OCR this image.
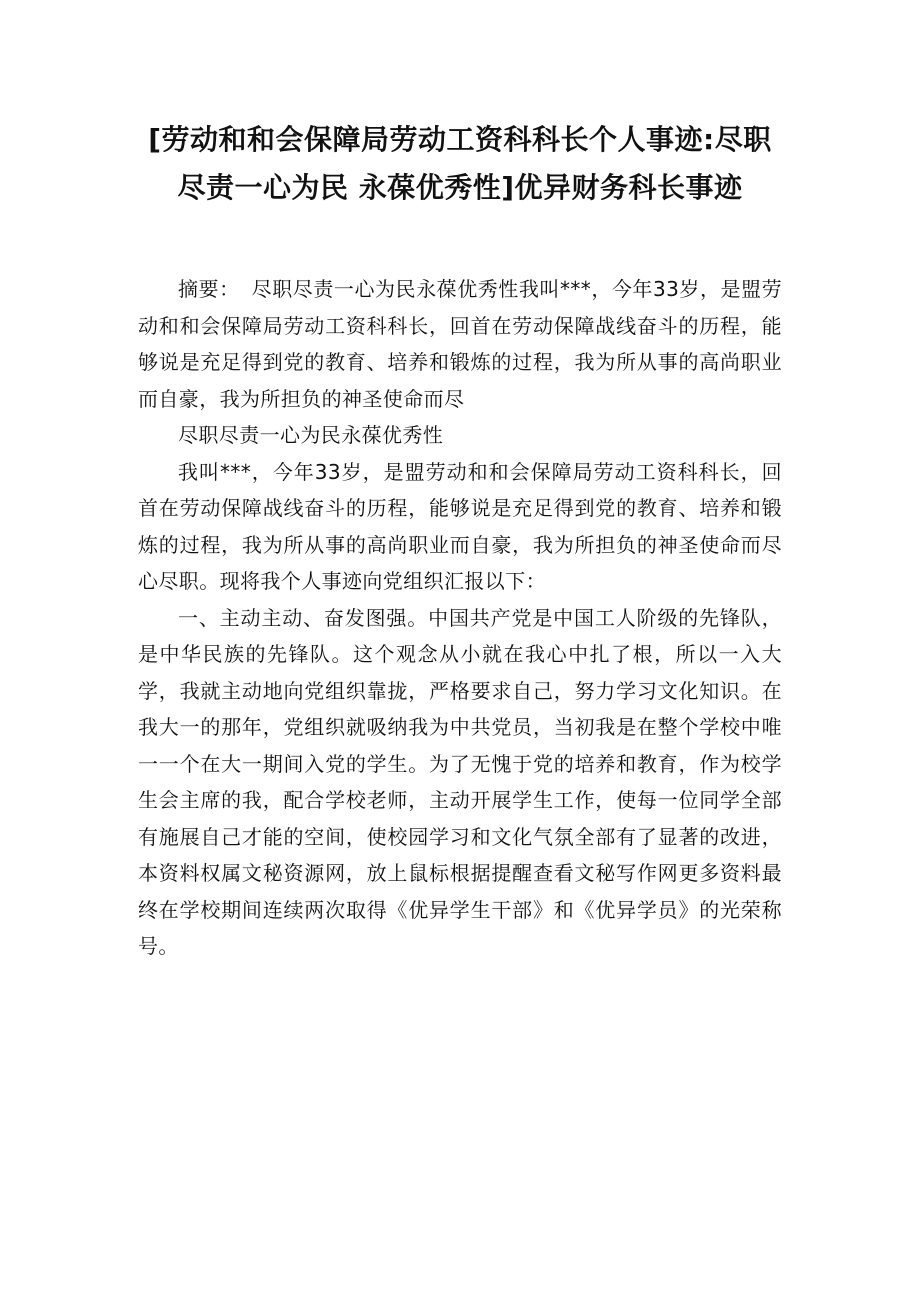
[劳动和和会保障局劳动工资科科长个人事迹:尽职尽责一心为民 永葆优秀性]优异财务科长事迹

摘要： 尽职尽责一心为民永葆优秀性我叫***，今年33岁，是盟劳动和和会保障局劳动工资科科长，回首在劳动保障战线奋斗的历程，能够说是充足得到党的教育、培养和锻炼的过程，我为所从事的高尚职业而自豪，我为所担负的神圣使命而尽

尽职尽责一心为民永葆优秀性

我叫***，今年33岁，是盟劳动和和会保障局劳动工资科科长，回首在劳动保障战线奋斗的历程，能够说是充足得到党的教育、培养和锻炼的过程，我为所从事的高尚职业而自豪，我为所担负的神圣使命而尽心尽职。现将我个人事迹向党组织汇报以下：

一、主动主动、奋发图强。中国共产党是中国工人阶级的先锋队，是中华民族的先锋队。这个观念从小就在我心中扎了根，所以一入大学，我就主动地向党组织靠拢，严格要求自己，努力学习文化知识。在我大一的那年，党组织就吸纳我为中共党员，当初我是在整个学校中唯一一个在大一期间入党的学生。为了无愧于党的培养和教育，作为校学生会主席的我，配合学校老师，主动开展学生工作，使每一位同学全部有施展自己才能的空间，使校园学习和文化气氛全部有了显著的改进，本资料权属文秘资源网，放上鼠标根据提醒查看文秘写作网更多资料最终在学校期间连续两次取得《优异学生干部》和《优异学员》的光荣称号。
